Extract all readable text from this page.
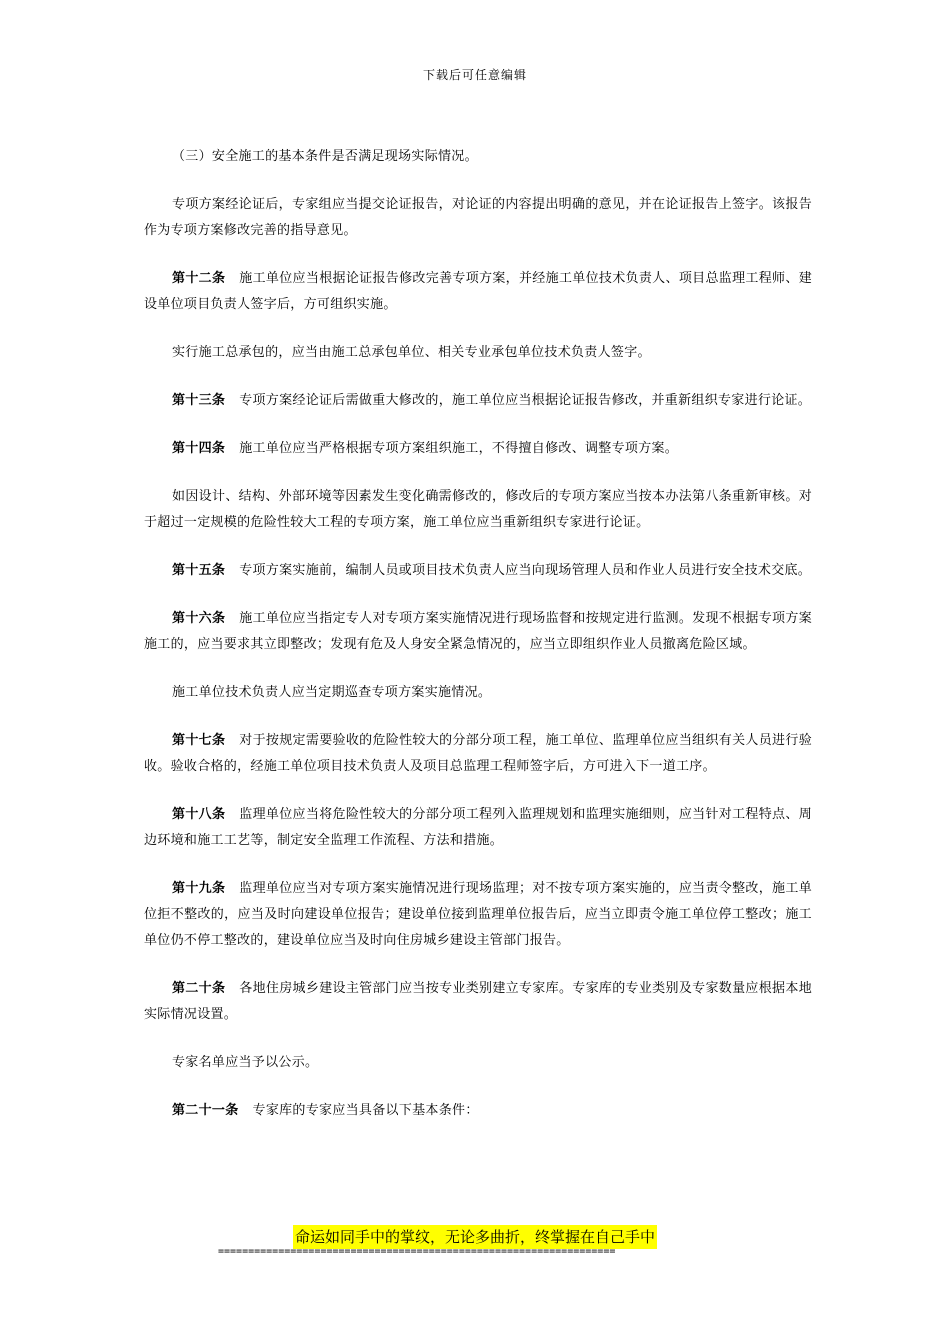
下载后可任意编辑

（三）安全施工的基本条件是否满足现场实际情况。

专项方案经论证后，专家组应当提交论证报告，对论证的内容提出明确的意见，并在论证报告上签字。该报告作为专项方案修改完善的指导意见。

第十二条 施工单位应当根据论证报告修改完善专项方案，并经施工单位技术负责人、项目总监理工程师、建设单位项目负责人签字后，方可组织实施。

实行施工总承包的，应当由施工总承包单位、相关专业承包单位技术负责人签字。

第十三条 专项方案经论证后需做重大修改的，施工单位应当根据论证报告修改，并重新组织专家进行论证。

第十四条 施工单位应当严格根据专项方案组织施工，不得擅自修改、调整专项方案。

如因设计、结构、外部环境等因素发生变化确需修改的，修改后的专项方案应当按本办法第八条重新审核。对于超过一定规模的危险性较大工程的专项方案，施工单位应当重新组织专家进行论证。

第十五条 专项方案实施前，编制人员或项目技术负责人应当向现场管理人员和作业人员进行安全技术交底。

第十六条 施工单位应当指定专人对专项方案实施情况进行现场监督和按规定进行监测。发现不根据专项方案施工的，应当要求其立即整改；发现有危及人身安全紧急情况的，应当立即组织作业人员撤离危险区域。

施工单位技术负责人应当定期巡查专项方案实施情况。

第十七条 对于按规定需要验收的危险性较大的分部分项工程，施工单位、监理单位应当组织有关人员进行验收。验收合格的，经施工单位项目技术负责人及项目总监理工程师签字后，方可进入下一道工序。

第十八条 监理单位应当将危险性较大的分部分项工程列入监理规划和监理实施细则，应当针对工程特点、周边环境和施工工艺等，制定安全监理工作流程、方法和措施。

第十九条 监理单位应当对专项方案实施情况进行现场监理；对不按专项方案实施的，应当责令整改，施工单位拒不整改的，应当及时向建设单位报告；建设单位接到监理单位报告后，应当立即责令施工单位停工整改；施工单位仍不停工整改的，建设单位应当及时向住房城乡建设主管部门报告。

第二十条 各地住房城乡建设主管部门应当按专业类别建立专家库。专家库的专业类别及专家数量应根据本地实际情况设置。

专家名单应当予以公示。

第二十一条 专家库的专家应当具备以下基本条件：

命运如同手中的掌纹，无论多曲折，终掌握在自己手中
==================================================================
